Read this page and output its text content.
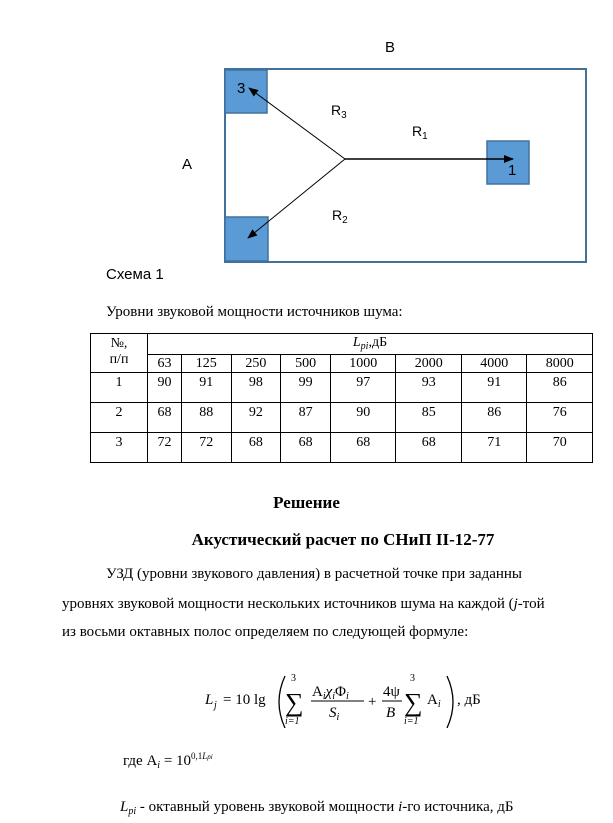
В
А
3
1
$R_3$
$R_1$
$R_2$
Схема 1
Уровни звуковой мощности источников шума:
№,
п/п	$L_{pi},дБ$							
	63	125	250	500	1000	2000	4000	8000
1	90	91	98	99	97	93	91	86
2	68	88	92	87	90	85	86	76
3	72	72	68	68	68	68	71	70
Решение
Акустический расчет по СНиП II-12-77
УЗД (уровни звукового давления) в расчетной точке при заданны
уровнях звуковой мощности нескольких источников шума на каждой (j-той
из восьми октавных полос определяем по следующей формуле:
L j = 10 lg
3
∑
i=1
$A_i\chi_i\Phi_i$
$S_i$
+
4ψ
B
3
∑
i=1
$A_i$ , дБ
где $A_i = 10^{0,1Lpi}$
$L_{pi}$ - октавный уровень звуковой мощности i-го источника, дБ
